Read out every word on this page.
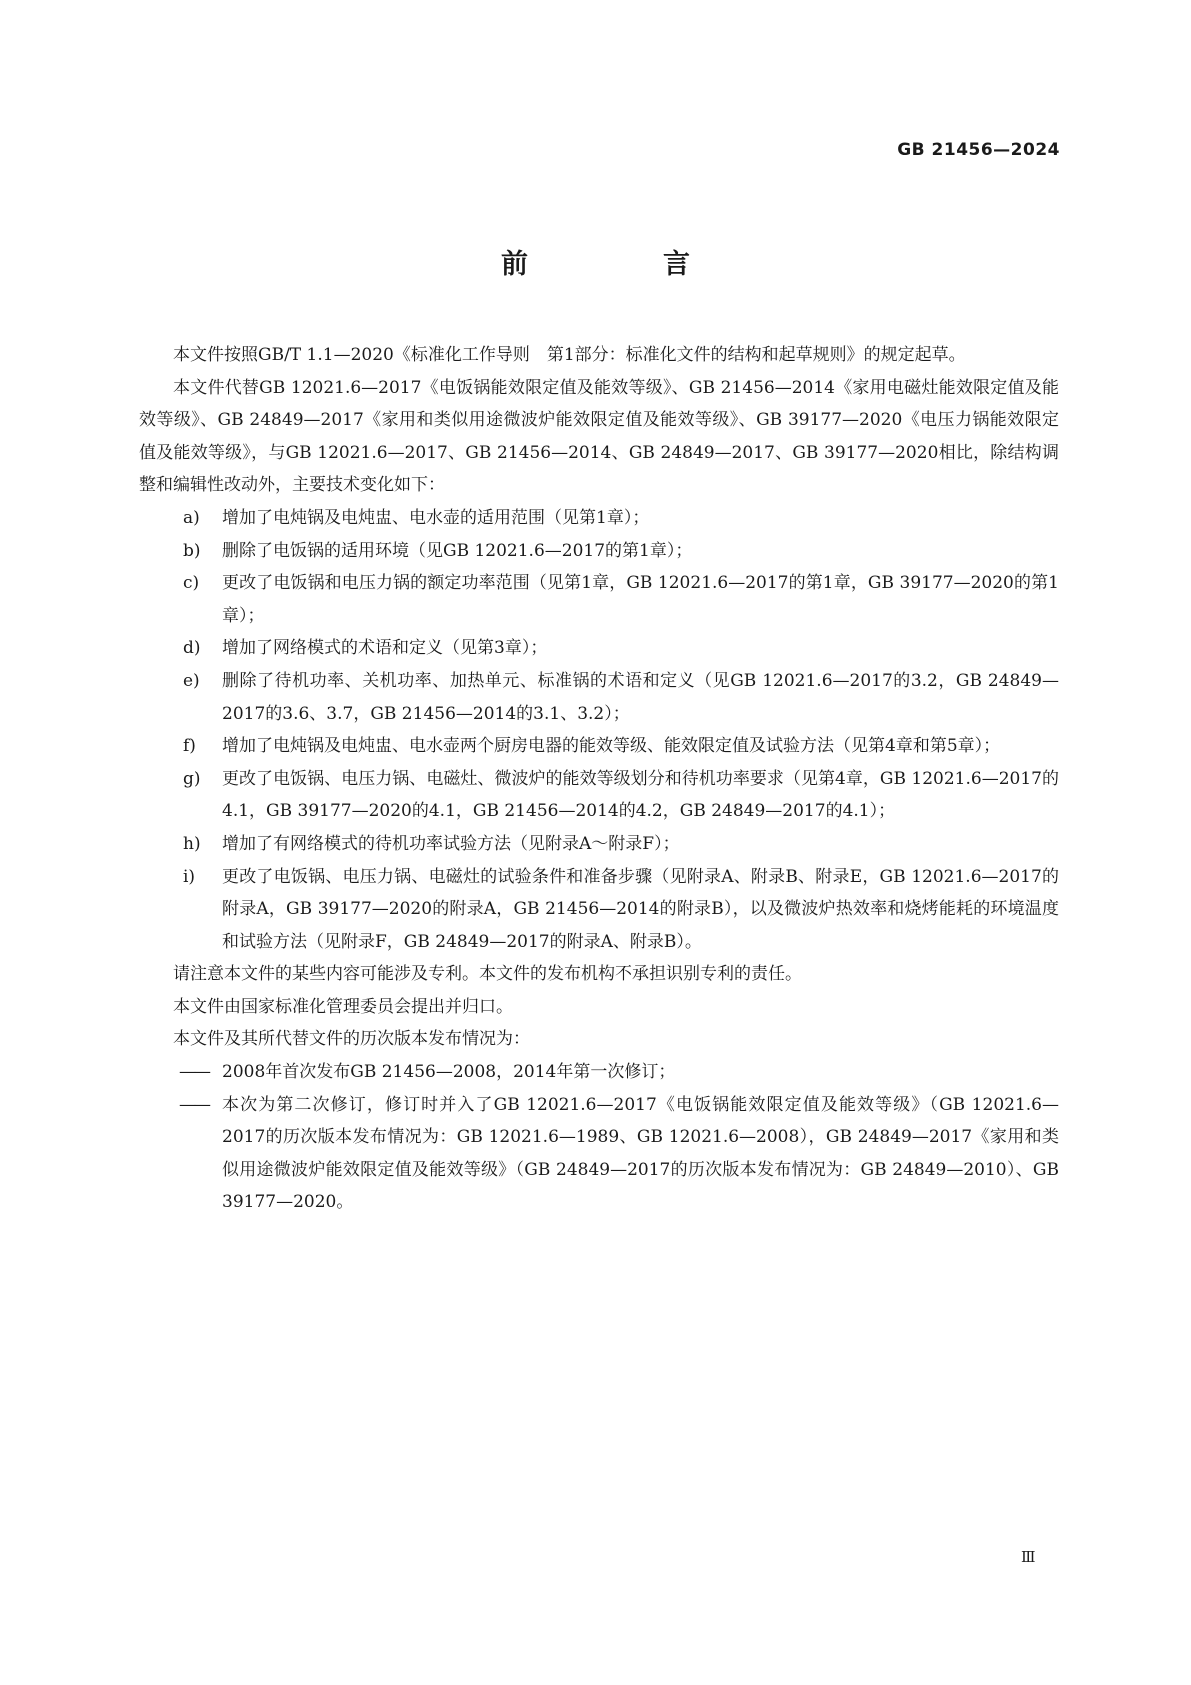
GB 21456—2024
前　言

本文件按照GB/T 1.1—2020《标准化工作导则　第1部分：标准化文件的结构和起草规则》的规定起草。

本文件代替GB 12021.6—2017《电饭锅能效限定值及能效等级》、GB 21456—2014《家用电磁灶能效限定值及能效等级》、GB 24849—2017《家用和类似用途微波炉能效限定值及能效等级》、GB 39177—2020《电压力锅能效限定值及能效等级》，与GB 12021.6—2017、GB 21456—2014、GB 24849—2017、GB 39177—2020相比，除结构调整和编辑性改动外，主要技术变化如下：

a) 增加了电炖锅及电炖盅、电水壶的适用范围（见第1章）；

b) 删除了电饭锅的适用环境（见GB 12021.6—2017的第1章）；

c) 更改了电饭锅和电压力锅的额定功率范围（见第1章，GB 12021.6—2017的第1章，GB 39177—2020的第1章）；

d) 增加了网络模式的术语和定义（见第3章）；

e) 删除了待机功率、关机功率、加热单元、标准锅的术语和定义（见GB 12021.6—2017的3.2，GB 24849—2017的3.6、3.7，GB 21456—2014的3.1、3.2）；

f) 增加了电炖锅及电炖盅、电水壶两个厨房电器的能效等级、能效限定值及试验方法（见第4章和第5章）；

g) 更改了电饭锅、电压力锅、电磁灶、微波炉的能效等级划分和待机功率要求（见第4章，GB 12021.6—2017的4.1，GB 39177—2020的4.1，GB 21456—2014的4.2，GB 24849—2017的4.1）；

h) 增加了有网络模式的待机功率试验方法（见附录A～附录F）；

i) 更改了电饭锅、电压力锅、电磁灶的试验条件和准备步骤（见附录A、附录B、附录E，GB 12021.6—2017的附录A，GB 39177—2020的附录A，GB 21456—2014的附录B），以及微波炉热效率和烧烤能耗的环境温度和试验方法（见附录F，GB 24849—2017的附录A、附录B）。

请注意本文件的某些内容可能涉及专利。本文件的发布机构不承担识别专利的责任。

本文件由国家标准化管理委员会提出并归口。

本文件及其所代替文件的历次版本发布情况为：

—— 2008年首次发布GB 21456—2008，2014年第一次修订；

—— 本次为第二次修订，修订时并入了GB 12021.6—2017《电饭锅能效限定值及能效等级》（GB 12021.6—2017的历次版本发布情况为：GB 12021.6—1989、GB 12021.6—2008），GB 24849—2017《家用和类似用途微波炉能效限定值及能效等级》（GB 24849—2017的历次版本发布情况为：GB 24849—2010）、GB 39177—2020。

Ⅲ
